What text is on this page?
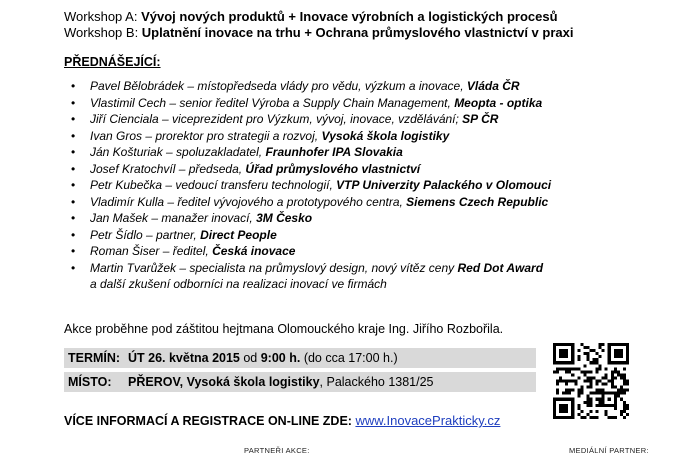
Workshop A: Vývoj nových produktů + Inovace výrobních a logistických procesů
Workshop B: Uplatnění inovace na trhu + Ochrana průmyslového vlastnictví v praxi
PŘEDNÁŠEJÍCÍ:
• Pavel Bělobrádek – místopředseda vlády pro vědu, výzkum a inovace, Vláda ČR
• Vlastimil Cech – senior ředitel Výroba a Supply Chain Management, Meopta - optika
• Jiří Cienciala – viceprezident pro Výzkum, vývoj, inovace, vzdělávání; SP ČR
• Ivan Gros – prorektor pro strategii a rozvoj, Vysoká škola logistiky
• Ján Košturiak – spoluzakladatel, Fraunhofer IPA Slovakia
• Josef Kratochvíl – předseda, Úřad průmyslového vlastnictví
• Petr Kubečka – vedoucí transferu technologií, VTP Univerzity Palackého v Olomouci
• Vladimír Kulla – ředitel vývojového a prototypového centra, Siemens Czech Republic
• Jan Mašek – manažer inovací, 3M Česko
• Petr Šídlo – partner, Direct People
• Roman Šiser – ředitel, Česká inovace
• Martin Tvarůžek – specialista na průmyslový design, nový vítěz ceny Red Dot Award
a další zkušení odborníci na realizaci inovací ve firmách
Akce proběhne pod záštitou hejtmana Olomouckého kraje Ing. Jiřího Rozbořila.
TERMÍN: ÚT 26. května 2015 od 9:00 h. (do cca 17:00 h.)
MÍSTO: PŘEROV, Vysoká škola logistiky, Palackého 1381/25
VÍCE INFORMACÍ A REGISTRACE ON-LINE ZDE: www.InovacePrakticky.cz
PARTNEŘI AKCE:	MEDIÁLNÍ PARTNER:
